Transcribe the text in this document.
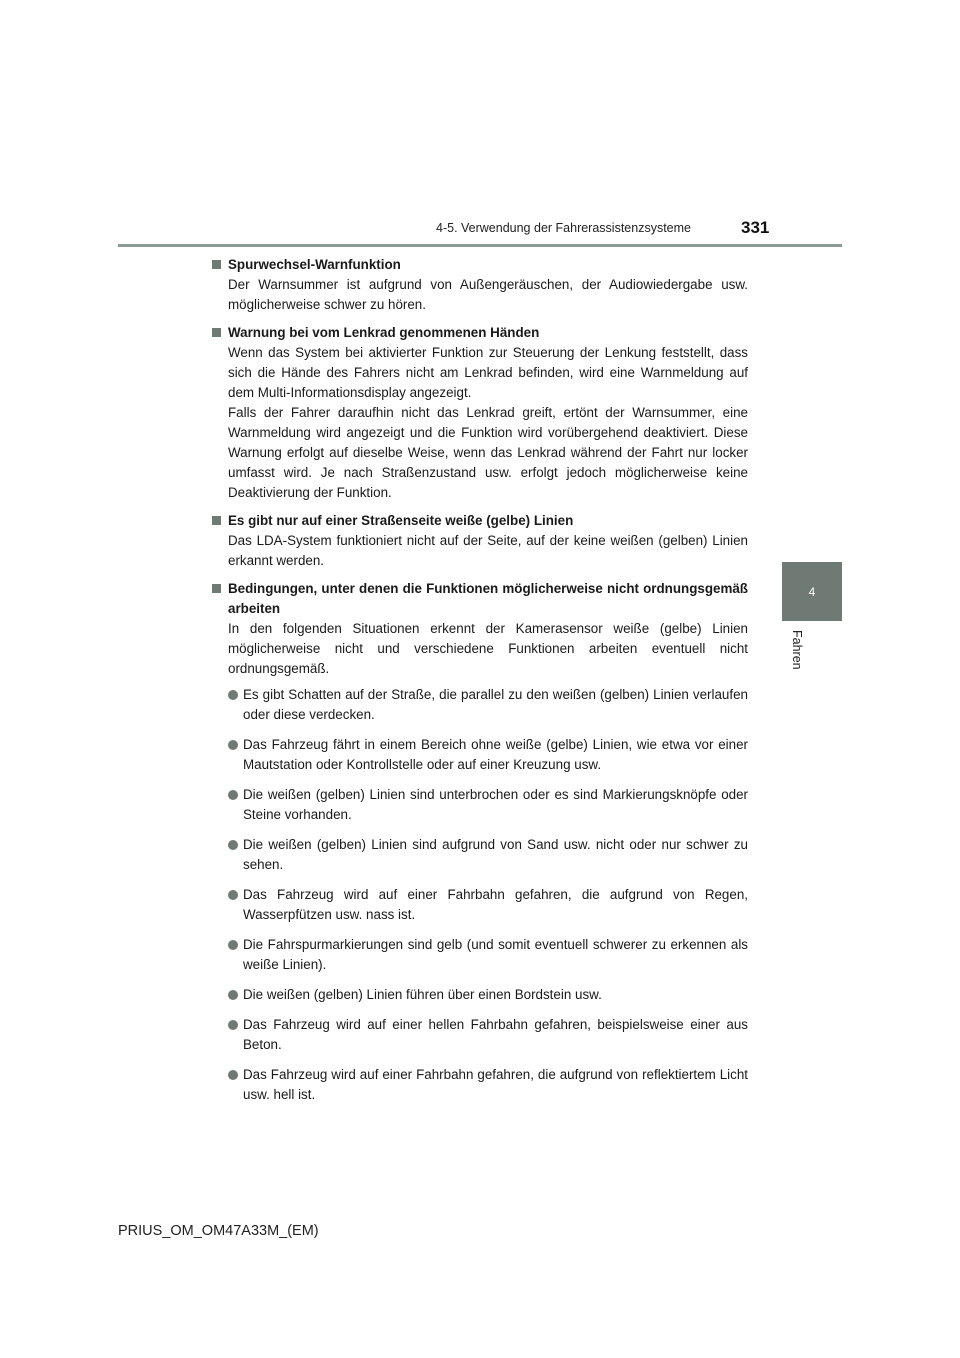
4-5. Verwendung der Fahrerassistenzsysteme	331
4
Fahren
Spurwechsel-Warnfunktion

Der Warnsummer ist aufgrund von Außengeräuschen, der Audiowiedergabe usw. möglicherweise schwer zu hören.

Warnung bei vom Lenkrad genommenen Händen

Wenn das System bei aktivierter Funktion zur Steuerung der Lenkung feststellt, dass sich die Hände des Fahrers nicht am Lenkrad befinden, wird eine Warnmeldung auf dem Multi-Informationsdisplay angezeigt.

Falls der Fahrer daraufhin nicht das Lenkrad greift, ertönt der Warnsummer, eine Warnmeldung wird angezeigt und die Funktion wird vorübergehend deaktiviert. Diese Warnung erfolgt auf dieselbe Weise, wenn das Lenkrad während der Fahrt nur locker umfasst wird. Je nach Straßenzustand usw. erfolgt jedoch möglicherweise keine Deaktivierung der Funktion.

Es gibt nur auf einer Straßenseite weiße (gelbe) Linien

Das LDA-System funktioniert nicht auf der Seite, auf der keine weißen (gelben) Linien erkannt werden.

Bedingungen, unter denen die Funktionen möglicherweise nicht ordnungsgemäß arbeiten

In den folgenden Situationen erkennt der Kamerasensor weiße (gelbe) Linien möglicherweise nicht und verschiedene Funktionen arbeiten eventuell nicht ordnungsgemäß.

Es gibt Schatten auf der Straße, die parallel zu den weißen (gelben) Linien verlaufen oder diese verdecken.
Das Fahrzeug fährt in einem Bereich ohne weiße (gelbe) Linien, wie etwa vor einer Mautstation oder Kontrollstelle oder auf einer Kreuzung usw.
Die weißen (gelben) Linien sind unterbrochen oder es sind Markierungsknöpfe oder Steine vorhanden.
Die weißen (gelben) Linien sind aufgrund von Sand usw. nicht oder nur schwer zu sehen.
Das Fahrzeug wird auf einer Fahrbahn gefahren, die aufgrund von Regen, Wasserpfützen usw. nass ist.
Die Fahrspurmarkierungen sind gelb (und somit eventuell schwerer zu erkennen als weiße Linien).
Die weißen (gelben) Linien führen über einen Bordstein usw.
Das Fahrzeug wird auf einer hellen Fahrbahn gefahren, beispielsweise einer aus Beton.
Das Fahrzeug wird auf einer Fahrbahn gefahren, die aufgrund von reflektiertem Licht usw. hell ist.
PRIUS_OM_OM47A33M_(EM)
